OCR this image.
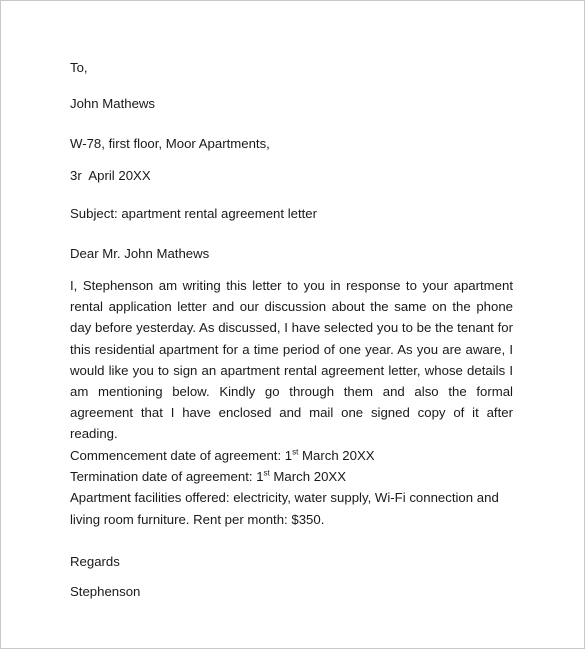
To,
John Mathews
W-78, first floor, Moor Apartments,
3r  April 20XX
Subject: apartment rental agreement letter
Dear Mr. John Mathews
I, Stephenson am writing this letter to you in response to your apartment rental application letter and our discussion about the same on the phone day before yesterday. As discussed, I have selected you to be the tenant for this residential apartment for a time period of one year. As you are aware, I would like you to sign an apartment rental agreement letter, whose details I am mentioning below. Kindly go through them and also the formal agreement that I have enclosed and mail one signed copy of it after reading.
Commencement date of agreement: 1st March 20XX
Termination date of agreement: 1st March 20XX
Apartment facilities offered: electricity, water supply, Wi-Fi connection and living room furniture. Rent per month: $350.
Regards
Stephenson
